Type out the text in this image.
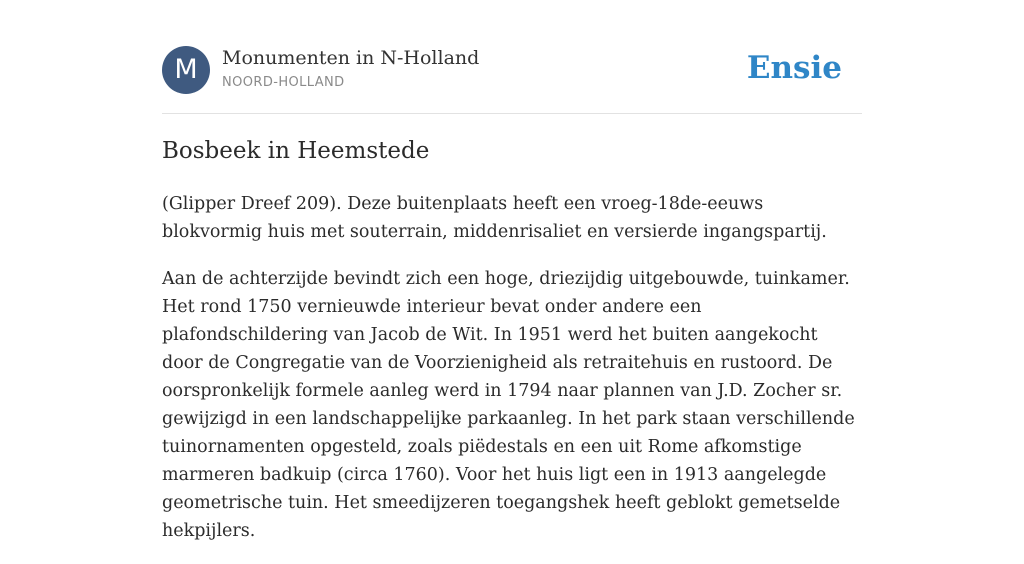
M	Monumenten in N-Holland
NOORD-HOLLAND	Ensie
Bosbeek in Heemstede

(Glipper Dreef 209). Deze buitenplaats heeft een vroeg-18de-eeuws blokvormig huis met souterrain, middenrisaliet en versierde ingangspartij.

Aan de achterzijde bevindt zich een hoge, driezijdig uitgebouwde, tuinkamer. Het rond 1750 vernieuwde interieur bevat onder andere een plafondschildering van Jacob de Wit. In 1951 werd het buiten aangekocht door de Congregatie van de Voorzienigheid als retraitehuis en rustoord. De oorspronkelijk formele aanleg werd in 1794 naar plannen van J.D. Zocher sr. gewijzigd in een landschappelijke parkaanleg. In het park staan verschillende tuinornamenten opgesteld, zoals piëdestals en een uit Rome afkomstige marmeren badkuip (circa 1760). Voor het huis ligt een in 1913 aangelegde geometrische tuin. Het smeedijzeren toegangshek heeft geblokt gemetselde hekpijlers.
